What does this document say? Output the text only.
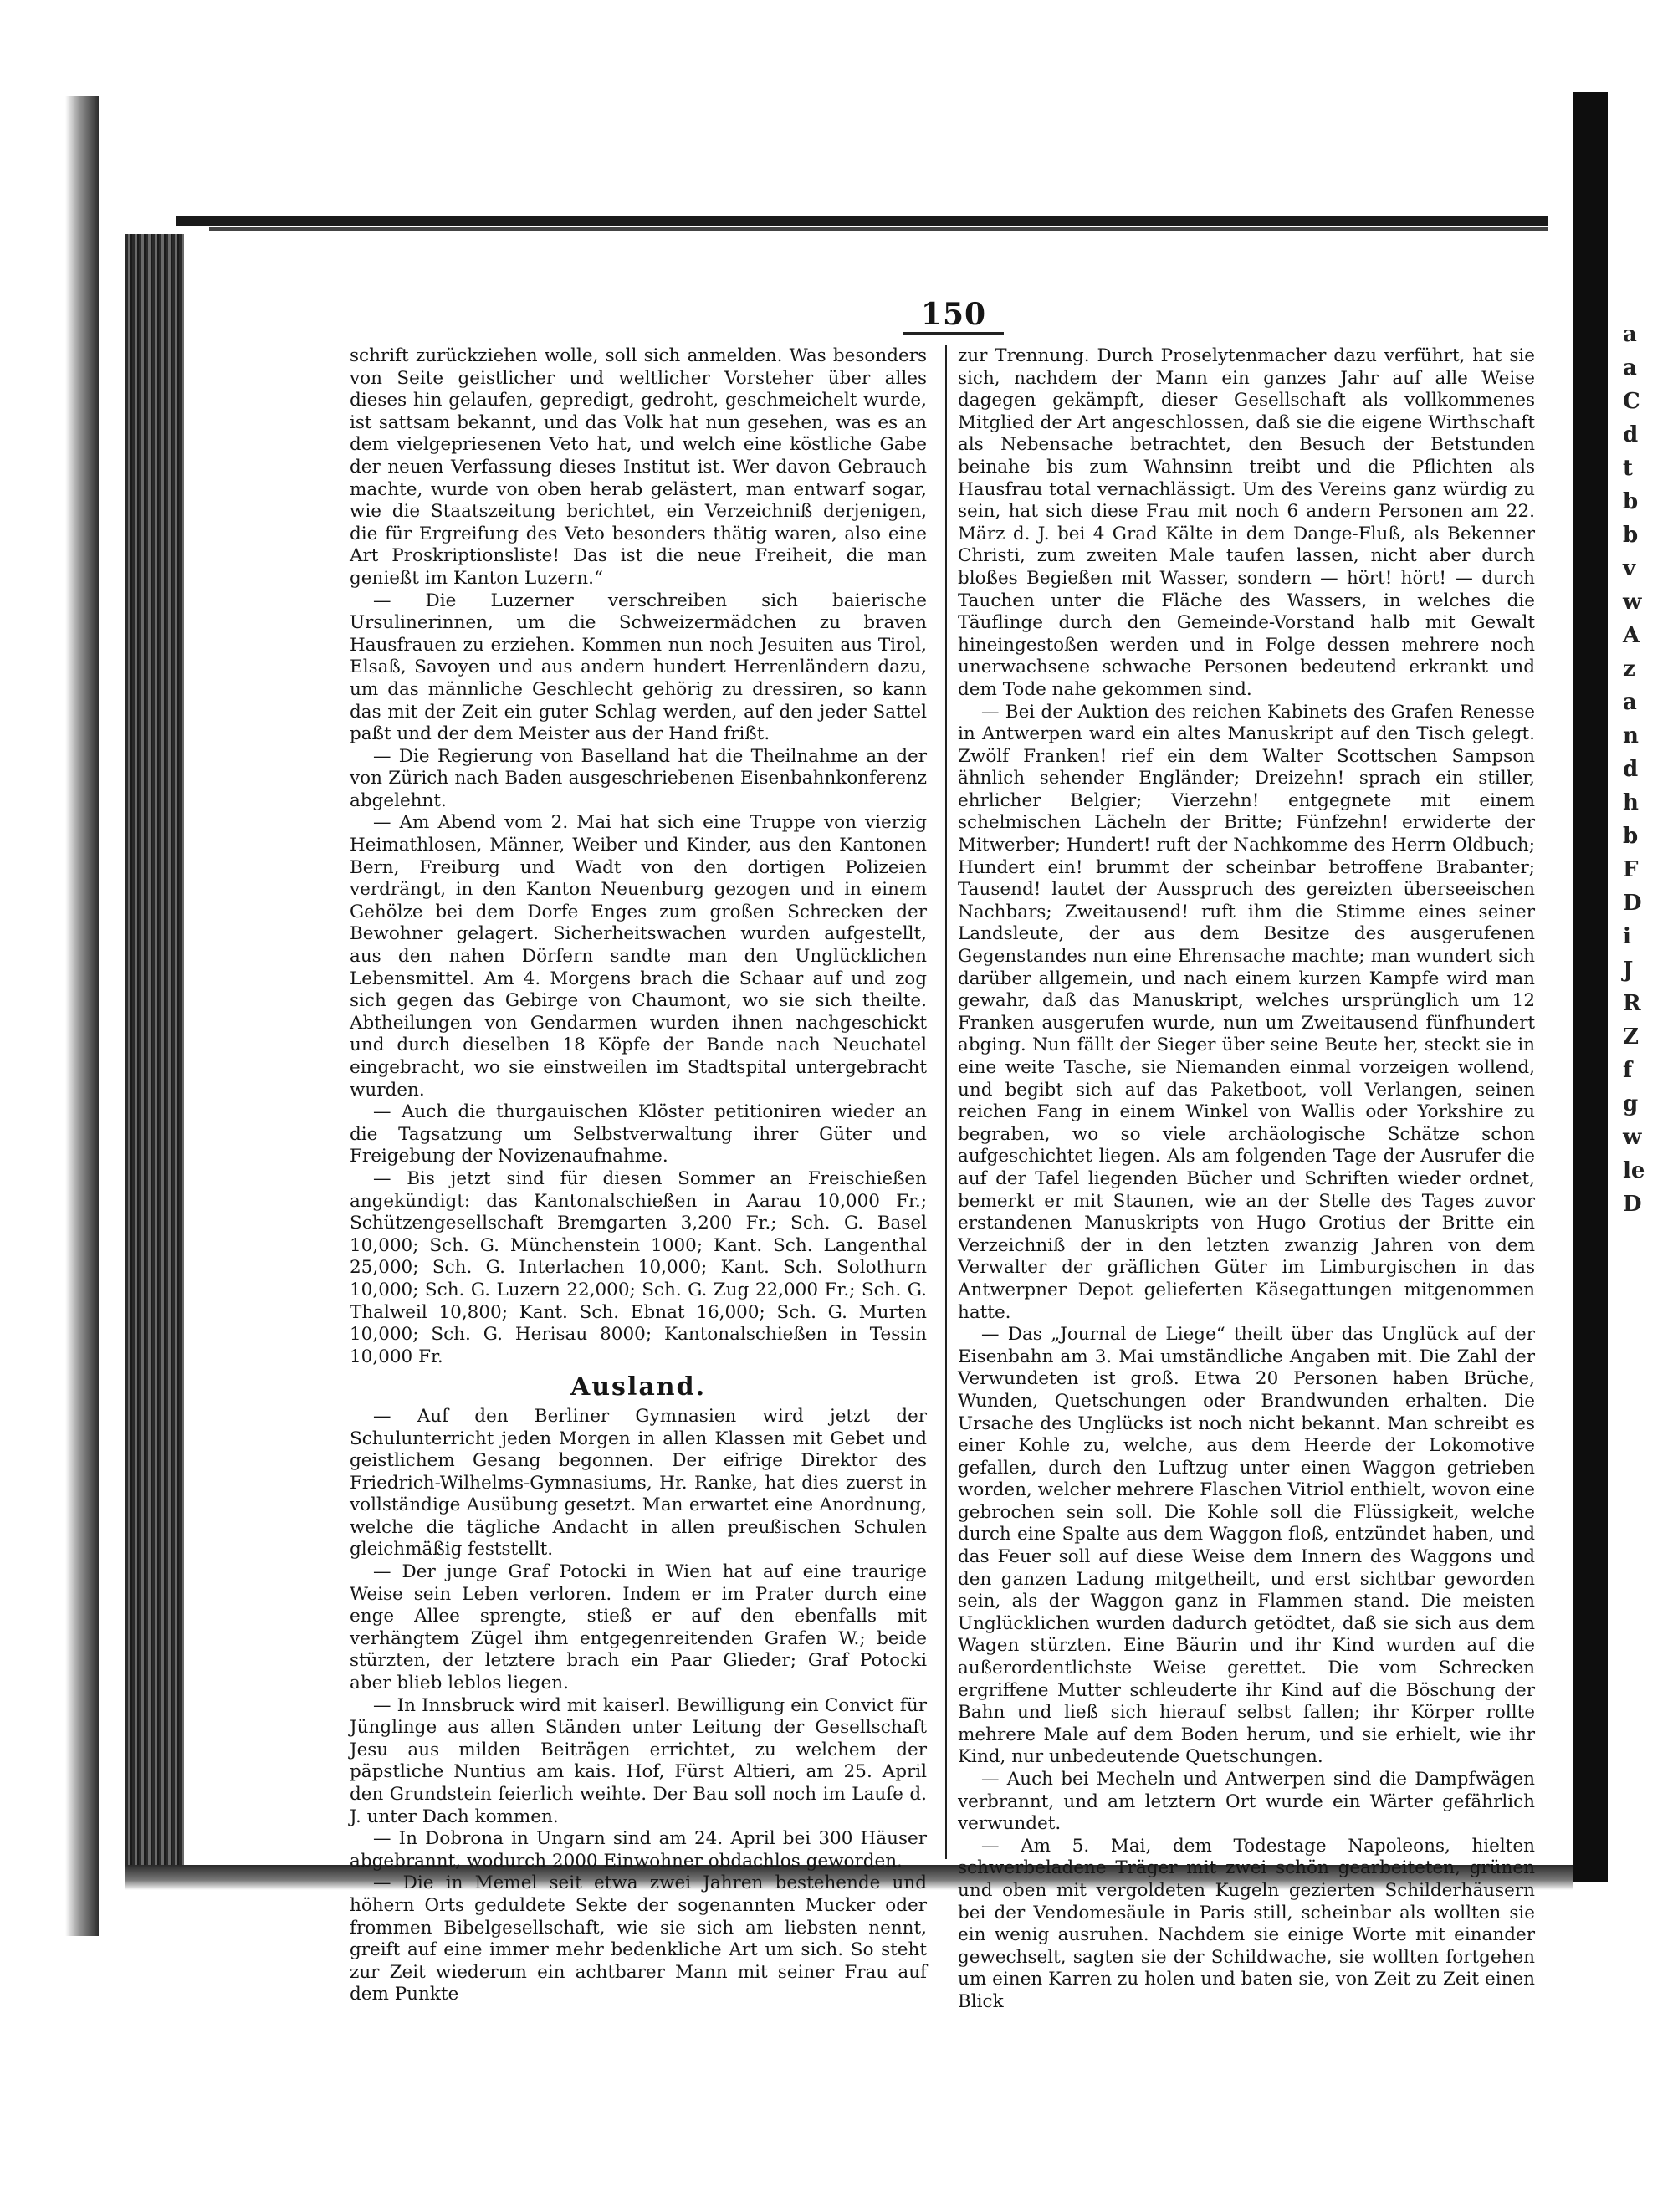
a
a
C
d
t
b
b
v
w
A
z
a
n
d
h
b
F
D
i
J
R
Z
f
g
w
le
D
150

schrift zurückziehen wolle, soll sich anmelden. Was besonders von Seite geistlicher und weltlicher Vorsteher über alles dieses hin gelaufen, gepredigt, gedroht, geschmeichelt wurde, ist sattsam bekannt, und das Volk hat nun gesehen, was es an dem vielgepriesenen Veto hat, und welch eine köstliche Gabe der neuen Verfassung dieses Institut ist. Wer davon Gebrauch machte, wurde von oben herab gelästert, man entwarf sogar, wie die Staatszeitung berichtet, ein Verzeichniß derjenigen, die für Ergreifung des Veto besonders thätig waren, also eine Art Proskriptionsliste! Das ist die neue Freiheit, die man genießt im Kanton Luzern.“

— Die Luzerner verschreiben sich baierische Ursulinerinnen, um die Schweizermädchen zu braven Hausfrauen zu erziehen. Kommen nun noch Jesuiten aus Tirol, Elsaß, Savoyen und aus andern hundert Herrenländern dazu, um das männliche Geschlecht gehörig zu dressiren, so kann das mit der Zeit ein guter Schlag werden, auf den jeder Sattel paßt und der dem Meister aus der Hand frißt.

— Die Regierung von Baselland hat die Theilnahme an der von Zürich nach Baden ausgeschriebenen Eisenbahnkonferenz abgelehnt.

— Am Abend vom 2. Mai hat sich eine Truppe von vierzig Heimathlosen, Männer, Weiber und Kinder, aus den Kantonen Bern, Freiburg und Wadt von den dortigen Polizeien verdrängt, in den Kanton Neuenburg gezogen und in einem Gehölze bei dem Dorfe Enges zum großen Schrecken der Bewohner gelagert. Sicherheitswachen wurden aufgestellt, aus den nahen Dörfern sandte man den Unglücklichen Lebensmittel. Am 4. Morgens brach die Schaar auf und zog sich gegen das Gebirge von Chaumont, wo sie sich theilte. Abtheilungen von Gendarmen wurden ihnen nachgeschickt und durch dieselben 18 Köpfe der Bande nach Neuchatel eingebracht, wo sie einstweilen im Stadtspital untergebracht wurden.

— Auch die thurgauischen Klöster petitioniren wieder an die Tagsatzung um Selbstverwaltung ihrer Güter und Freigebung der Novizenaufnahme.

— Bis jetzt sind für diesen Sommer an Freischießen angekündigt: das Kantonalschießen in Aarau 10,000 Fr.; Schützengesellschaft Bremgarten 3,200 Fr.; Sch. G. Basel 10,000; Sch. G. Münchenstein 1000; Kant. Sch. Langenthal 25,000; Sch. G. Interlachen 10,000; Kant. Sch. Solothurn 10,000; Sch. G. Luzern 22,000; Sch. G. Zug 22,000 Fr.; Sch. G. Thalweil 10,800; Kant. Sch. Ebnat 16,000; Sch. G. Murten 10,000; Sch. G. Herisau 8000; Kantonalschießen in Tessin 10,000 Fr.

Ausland.

— Auf den Berliner Gymnasien wird jetzt der Schulunterricht jeden Morgen in allen Klassen mit Gebet und geistlichem Gesang begonnen. Der eifrige Direktor des Friedrich-Wilhelms-Gymnasiums, Hr. Ranke, hat dies zuerst in vollständige Ausübung gesetzt. Man erwartet eine Anordnung, welche die tägliche Andacht in allen preußischen Schulen gleichmäßig feststellt.

— Der junge Graf Potocki in Wien hat auf eine traurige Weise sein Leben verloren. Indem er im Prater durch eine enge Allee sprengte, stieß er auf den ebenfalls mit verhängtem Zügel ihm entgegenreitenden Grafen W.; beide stürzten, der letztere brach ein Paar Glieder; Graf Potocki aber blieb leblos liegen.

— In Innsbruck wird mit kaiserl. Bewilligung ein Convict für Jünglinge aus allen Ständen unter Leitung der Gesellschaft Jesu aus milden Beiträgen errichtet, zu welchem der päpstliche Nuntius am kais. Hof, Fürst Altieri, am 25. April den Grundstein feierlich weihte. Der Bau soll noch im Laufe d. J. unter Dach kommen.

— In Dobrona in Ungarn sind am 24. April bei 300 Häuser abgebrannt, wodurch 2000 Einwohner obdachlos geworden.

— Die in Memel seit etwa zwei Jahren bestehende und höhern Orts geduldete Sekte der sogenannten Mucker oder frommen Bibelgesellschaft, wie sie sich am liebsten nennt, greift auf eine immer mehr bedenkliche Art um sich. So steht zur Zeit wiederum ein achtbarer Mann mit seiner Frau auf dem Punkte

zur Trennung. Durch Proselytenmacher dazu verführt, hat sie sich, nachdem der Mann ein ganzes Jahr auf alle Weise dagegen gekämpft, dieser Gesellschaft als vollkommenes Mitglied der Art angeschlossen, daß sie die eigene Wirthschaft als Nebensache betrachtet, den Besuch der Betstunden beinahe bis zum Wahnsinn treibt und die Pflichten als Hausfrau total vernachlässigt. Um des Vereins ganz würdig zu sein, hat sich diese Frau mit noch 6 andern Personen am 22. März d. J. bei 4 Grad Kälte in dem Dange-Fluß, als Bekenner Christi, zum zweiten Male taufen lassen, nicht aber durch bloßes Begießen mit Wasser, sondern — hört! hört! — durch Tauchen unter die Fläche des Wassers, in welches die Täuflinge durch den Gemeinde-Vorstand halb mit Gewalt hineingestoßen werden und in Folge dessen mehrere noch unerwachsene schwache Personen bedeutend erkrankt und dem Tode nahe gekommen sind.

— Bei der Auktion des reichen Kabinets des Grafen Renesse in Antwerpen ward ein altes Manuskript auf den Tisch gelegt. Zwölf Franken! rief ein dem Walter Scottschen Sampson ähnlich sehender Engländer; Dreizehn! sprach ein stiller, ehrlicher Belgier; Vierzehn! entgegnete mit einem schelmischen Lächeln der Britte; Fünfzehn! erwiderte der Mitwerber; Hundert! ruft der Nachkomme des Herrn Oldbuch; Hundert ein! brummt der scheinbar betroffene Brabanter; Tausend! lautet der Ausspruch des gereizten überseeischen Nachbars; Zweitausend! ruft ihm die Stimme eines seiner Landsleute, der aus dem Besitze des ausgerufenen Gegenstandes nun eine Ehrensache machte; man wundert sich darüber allgemein, und nach einem kurzen Kampfe wird man gewahr, daß das Manuskript, welches ursprünglich um 12 Franken ausgerufen wurde, nun um Zweitausend fünfhundert abging. Nun fällt der Sieger über seine Beute her, steckt sie in eine weite Tasche, sie Niemanden einmal vorzeigen wollend, und begibt sich auf das Paketboot, voll Verlangen, seinen reichen Fang in einem Winkel von Wallis oder Yorkshire zu begraben, wo so viele archäologische Schätze schon aufgeschichtet liegen. Als am folgenden Tage der Ausrufer die auf der Tafel liegenden Bücher und Schriften wieder ordnet, bemerkt er mit Staunen, wie an der Stelle des Tages zuvor erstandenen Manuskripts von Hugo Grotius der Britte ein Verzeichniß der in den letzten zwanzig Jahren von dem Verwalter der gräflichen Güter im Limburgischen in das Antwerpner Depot gelieferten Käsegattungen mitgenommen hatte.

— Das „Journal de Liege“ theilt über das Unglück auf der Eisenbahn am 3. Mai umständliche Angaben mit. Die Zahl der Verwundeten ist groß. Etwa 20 Personen haben Brüche, Wunden, Quetschungen oder Brandwunden erhalten. Die Ursache des Unglücks ist noch nicht bekannt. Man schreibt es einer Kohle zu, welche, aus dem Heerde der Lokomotive gefallen, durch den Luftzug unter einen Waggon getrieben worden, welcher mehrere Flaschen Vitriol enthielt, wovon eine gebrochen sein soll. Die Kohle soll die Flüssigkeit, welche durch eine Spalte aus dem Waggon floß, entzündet haben, und das Feuer soll auf diese Weise dem Innern des Waggons und den ganzen Ladung mitgetheilt, und erst sichtbar geworden sein, als der Waggon ganz in Flammen stand. Die meisten Unglücklichen wurden dadurch getödtet, daß sie sich aus dem Wagen stürzten. Eine Bäurin und ihr Kind wurden auf die außerordentlichste Weise gerettet. Die vom Schrecken ergriffene Mutter schleuderte ihr Kind auf die Böschung der Bahn und ließ sich hierauf selbst fallen; ihr Körper rollte mehrere Male auf dem Boden herum, und sie erhielt, wie ihr Kind, nur unbedeutende Quetschungen.

— Auch bei Mecheln und Antwerpen sind die Dampfwägen verbrannt, und am letztern Ort wurde ein Wärter gefährlich verwundet.

— Am 5. Mai, dem Todestage Napoleons, hielten schwerbeladene Träger mit zwei schön gearbeiteten, grünen und oben mit vergoldeten Kugeln gezierten Schilderhäusern bei der Vendomesäule in Paris still, scheinbar als wollten sie ein wenig ausruhen. Nachdem sie einige Worte mit einander gewechselt, sagten sie der Schildwache, sie wollten fortgehen um einen Karren zu holen und baten sie, von Zeit zu Zeit einen Blick
